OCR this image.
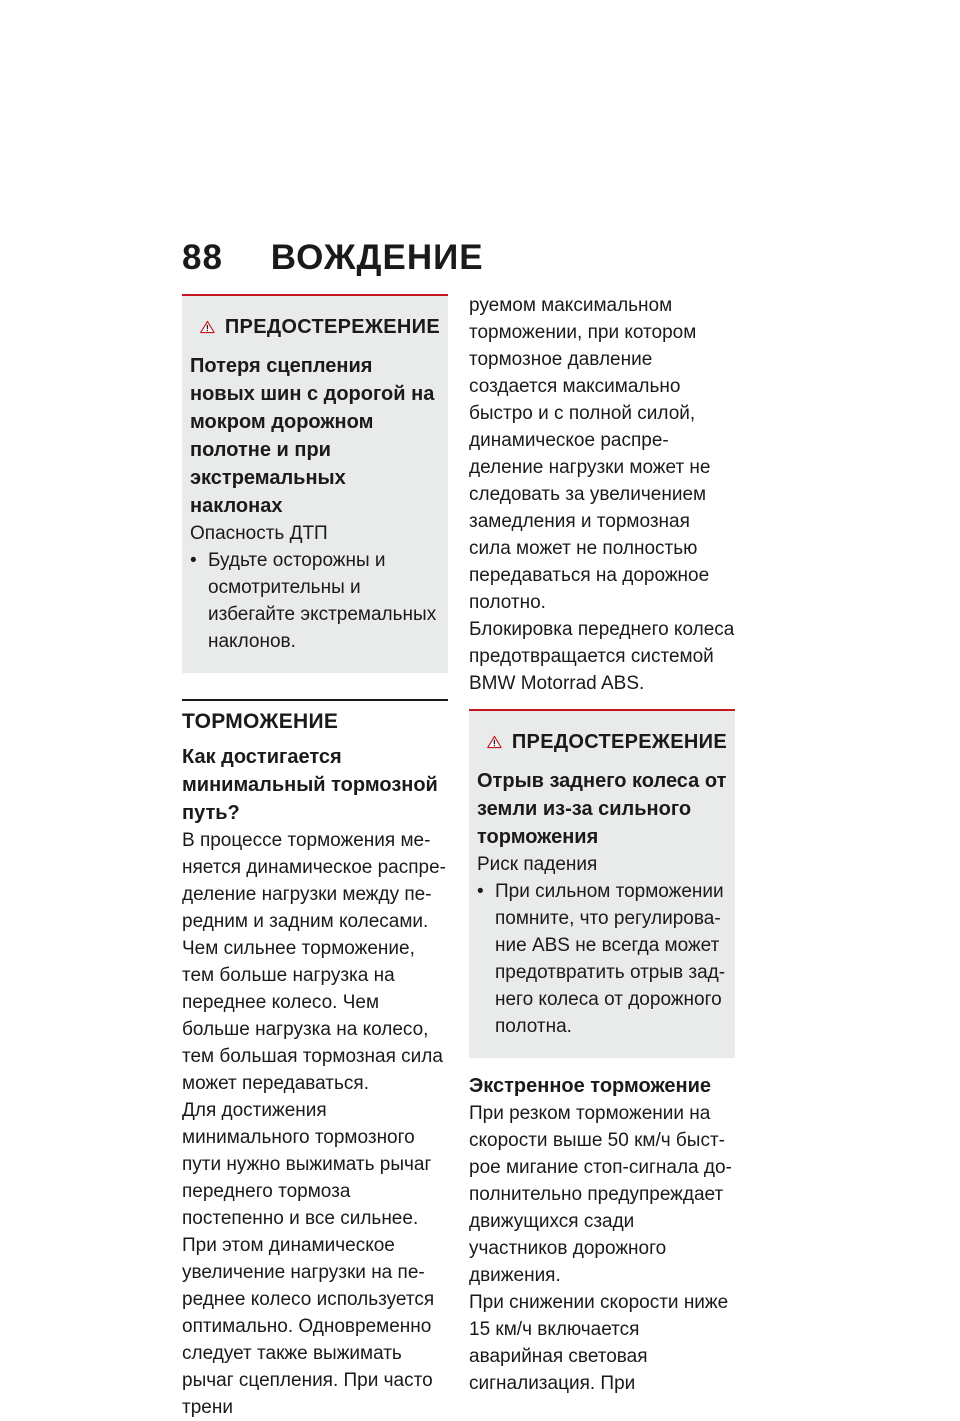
88 ВОЖДЕНИЕ
ПРЕДОСТЕРЕЖЕНИЕ
Потеря сцепления новых шин с дорогой на мокром дорожном полотне и при экстремальных наклонах
Опасность ДТП
• Будьте осторожны и осмотрительны и избегайте экстремальных наклонов.
ТОРМОЖЕНИЕ
Как достигается минимальный тормозной путь?

В процессе торможения меняется динамическое распределение нагрузки между передним и задним колесами. Чем сильнее торможение, тем больше нагрузка на переднее колесо. Чем больше нагрузка на колесо, тем большая тормозная сила может передаваться.

Для достижения минимального тормозного пути нужно выжимать рычаг переднего тормоза постепенно и все сильнее. При этом динамическое увеличение нагрузки на переднее колесо используется оптимально. Одновременно следует также выжимать рычаг сцепления. При часто трени

руемом максимальном торможении, при котором тормозное давление создается максимально быстро и с полной силой, динамическое распределение нагрузки может не следовать за увеличением замедления и тормозная сила может не полностью передаваться на дорожное полотно.

Блокировка переднего колеса предотвращается системой BMW Motorrad ABS.

ПРЕДОСТЕРЕЖЕНИЕ
Отрыв заднего колеса от земли из-за сильного торможения
Риск падения
• При сильном торможении помните, что регулирование ABS не всегда может предотвратить отрыв заднего колеса от дорожного полотна.
Экстренное торможение

При резком торможении на скорости выше 50 км/ч быстрое мигание стоп-сигнала дополнительно предупреждает движущихся сзади участников дорожного движения.

При снижении скорости ниже 15 км/ч включается аварийная световая сигнализация. При
